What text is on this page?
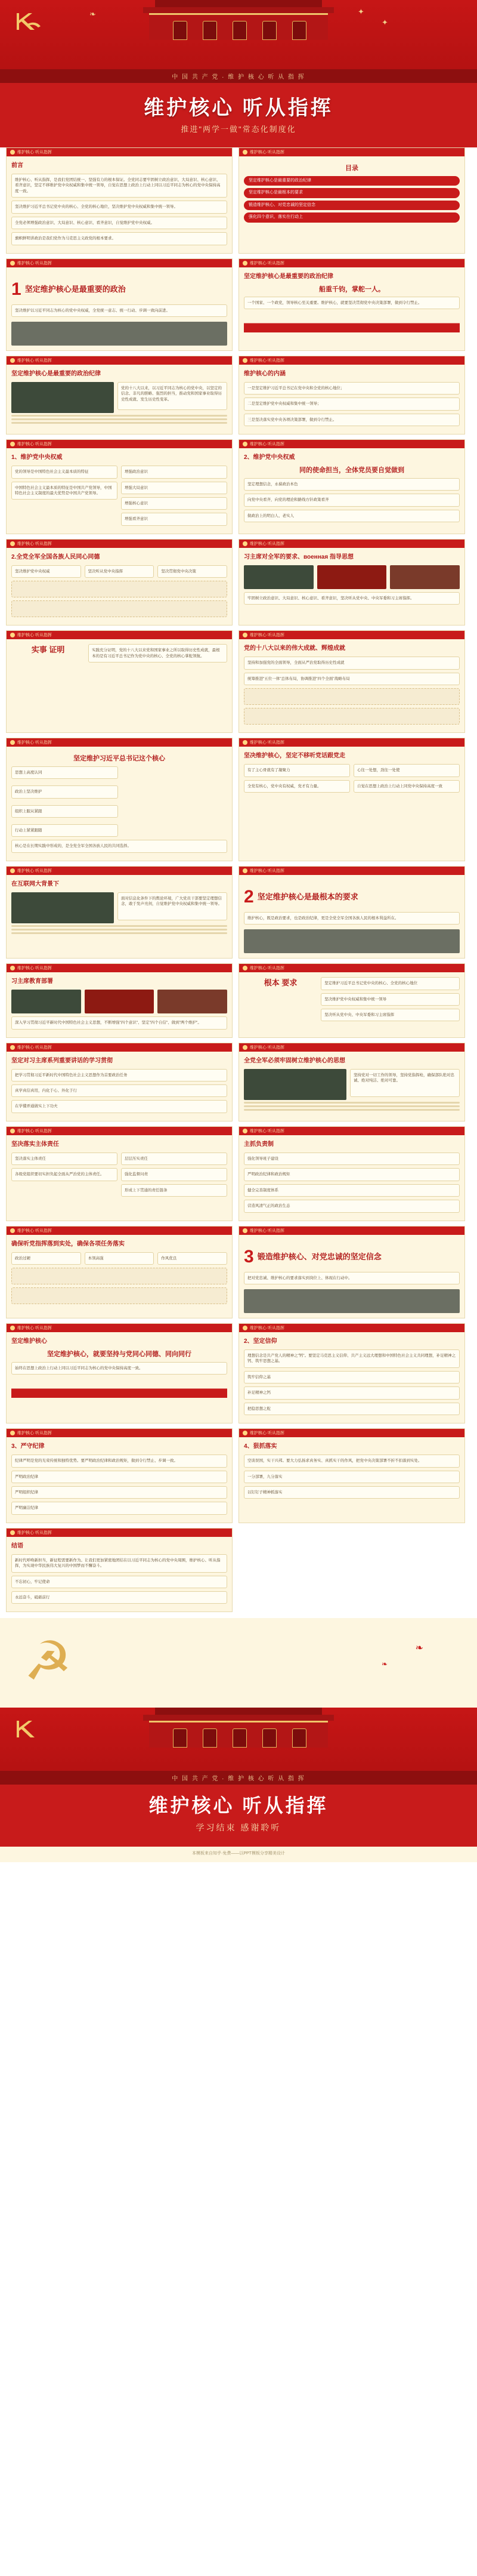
❧	✦
✦
中 国 共 产 党 · 维 护 核 心 听 从 指 挥
维护核心 听从指挥
推进"两学一做"常态化制度化
维护核心 听从指挥
前言
维护核心、听从指挥，是我们党团结统一、坚强有力的根本保证。全党同志要牢固树立政治意识、大局意识、核心意识、看齐意识，坚定不移维护党中央权威和集中统一领导，自觉在思想上政治上行动上同以习近平同志为核心的党中央保持高度一致。
坚决维护习近平总书记党中央的核心、全党的核心地位，坚决维护党中央权威和集中统一领导。
全党必须增强政治意识、大局意识、核心意识、看齐意识，自觉维护党中央权威。
旗帜鲜明讲政治是我们党作为马克思主义政党的根本要求。
维护核心 听从指挥
目录
坚定维护核心是最重要的政治纪律
坚定维护核心是最根本的要求
锻造维护核心、对党忠诚的坚定信念
强化四个意识，落实在行动上
维护核心 听从指挥
1 坚定维护核心是最重要的政治
坚决维护以习近平同志为核心的党中央权威，全党统一意志、统一行动、步调一致向前进。
维护核心 听从指挥
坚定维护核心是最重要的政治纪律
船重千钧，掌舵一人。
一个国家、一个政党，领导核心至关重要。维护核心，就要坚决贯彻党中央决策部署，做到令行禁止。
维护核心 听从指挥
坚定维护核心是最重要的政治纪律
党的十八大以来，以习近平同志为核心的党中央，以坚定的信念、非凡的胆略、强烈的担当，推动党和国家事业取得历史性成就、发生历史性变革。
维护核心 听从指挥
维护核心的内涵
一是坚定维护习近平总书记在党中央和全党的核心地位；
二是坚定维护党中央权威和集中统一领导；
三是坚决落实党中央各项决策部署，做到令行禁止。
维护核心 听从指挥
1、维护党中央权威
党的领导是中国特色社会主义最本质的特征
中国特色社会主义最本质的特征是中国共产党领导，中国特色社会主义制度的最大优势是中国共产党领导。
增强政治意识
增强大局意识
增强核心意识
增强看齐意识
维护核心 听从指挥
2、维护党中央权威
同的使命担当，全体党员要自觉做到
坚定理想信念，永葆政治本色
向党中央看齐，向党的理论和路线方针政策看齐
做政治上的明白人、老实人
维护核心 听从指挥
2.全党全军全国各族人民同心同德
坚决维护党中央权威	坚决听从党中央指挥	坚决贯彻党中央决策
维护核心 听从指挥
习主席对全军的要求、военная 指导思想
牢固树立政治意识、大局意识、核心意识、看齐意识，坚决听从党中央、中央军委和习主席指挥。
维护核心 听从指挥
实事 证明	实践充分证明，党的十八大以来党和国家事业之所以取得历史性成就，最根本的是有习近平总书记作为党中央的核心、全党的核心掌舵领航。
维护核心 听从指挥
党的十八大以来的伟大成就、辉煌成就
坚持和加强党的全面领导，全面从严治党取得历史性成就
统筹推进"五位一体"总体布局，协调推进"四个全面"战略布局
维护核心 听从指挥
坚定维护习近平总书记这个核心
思想上高度认同
政治上坚决维护
组织上服从紧跟
行动上紧紧跟随
核心是在长期实践中形成的，是全党全军全国各族人民的共同选择。
维护核心 听从指挥
坚决维护核心，坚定不移听党话跟党走
有了主心骨就有了凝聚力
全党有核心，党中央有权威，党才有力量。
心往一处想，劲往一处使
自觉在思想上政治上行动上同党中央保持高度一致
维护核心 听从指挥
在互联网大背景下
面对信息化条件下的舆论环境，广大党员干部要坚定理想信念，敢于发声亮剑，自觉维护党中央权威和集中统一领导。
维护核心 听从指挥
2 坚定维护核心是最根本的要求
维护核心，既是政治要求，也是政治纪律，更是全党全军全国各族人民的根本利益所在。
维护核心 听从指挥
习主席教育部署
深入学习贯彻习近平新时代中国特色社会主义思想，不断增强"四个意识"、坚定"四个自信"、做到"两个维护"。
维护核心 听从指挥
根本 要求	坚定维护习近平总书记党中央的核心、全党的核心地位
坚决维护党中央权威和集中统一领导
坚决听从党中央、中央军委和习主席指挥
维护核心 听从指挥
坚定对习主席系列重要讲话的学习贯彻
把学习贯彻习近平新时代中国特色社会主义思想作为首要政治任务
真学真信真用，内化于心、外化于行
在学懂弄通做实上下功夫
维护核心 听从指挥
全党全军必须牢固树立维护核心的思想
坚持党对一切工作的领导，坚持党指挥枪，确保部队绝对忠诚、绝对纯洁、绝对可靠。
维护核心 听从指挥
坚决落实主体责任
坚决落实主体责任
各级党组织要切实担负起全面从严治党的主体责任。
层层压实责任
强化监督问责
形成上下贯通的责任链条
维护核心 听从指挥
主抓负责制
强化领导班子建设
严明政治纪律和政治规矩
健全完善制度体系
营造风清气正的政治生态
维护核心 听从指挥
确保听党指挥落到实处，确保各项任务落实
政治过硬	本领高强	作风优良
维护核心 听从指挥
3 锻造维护核心、对党忠诚的坚定信念
把对党忠诚、维护核心的要求落实到岗位上、体现在行动中。
维护核心 听从指挥
坚定维护核心
坚定维护核心，就要坚持与党同心同德、同向同行
始终在思想上政治上行动上同以习近平同志为核心的党中央保持高度一致。
维护核心 听从指挥
2、坚定信仰
理想信念是共产党人的精神之"钙"。要坚定马克思主义信仰、共产主义远大理想和中国特色社会主义共同理想，补足精神之钙、筑牢思想之基。
筑牢信仰之基
补足精神之钙
把稳思想之舵
维护核心 听从指挥
3、严守纪律
纪律严明是党的光荣传统和独特优势。要严明政治纪律和政治规矩，做到令行禁止、步调一致。
严明政治纪律
严明组织纪律
严明廉洁纪律
维护核心 听从指挥
4、狠抓落实
空谈误国，实干兴邦。要大力弘扬求真务实、真抓实干的作风，把党中央决策部署不折不扣落到实处。
一分部署，九分落实
以钉钉子精神抓落实
维护核心 听从指挥
结语
新时代呼唤新担当，新征程需要新作为。让我们更加紧密地团结在以习近平同志为核心的党中央周围，维护核心、听从指挥，为实现中华民族伟大复兴的中国梦而不懈奋斗。
不忘初心，牢记使命
永远奋斗，砥砺前行
☭	❧
❧
中 国 共 产 党 · 维 护 核 心 听 从 指 挥
维护核心 听从指挥
学习结束 感谢聆听
本模板来自知乎·免费——以PPT模板分享精美设计
